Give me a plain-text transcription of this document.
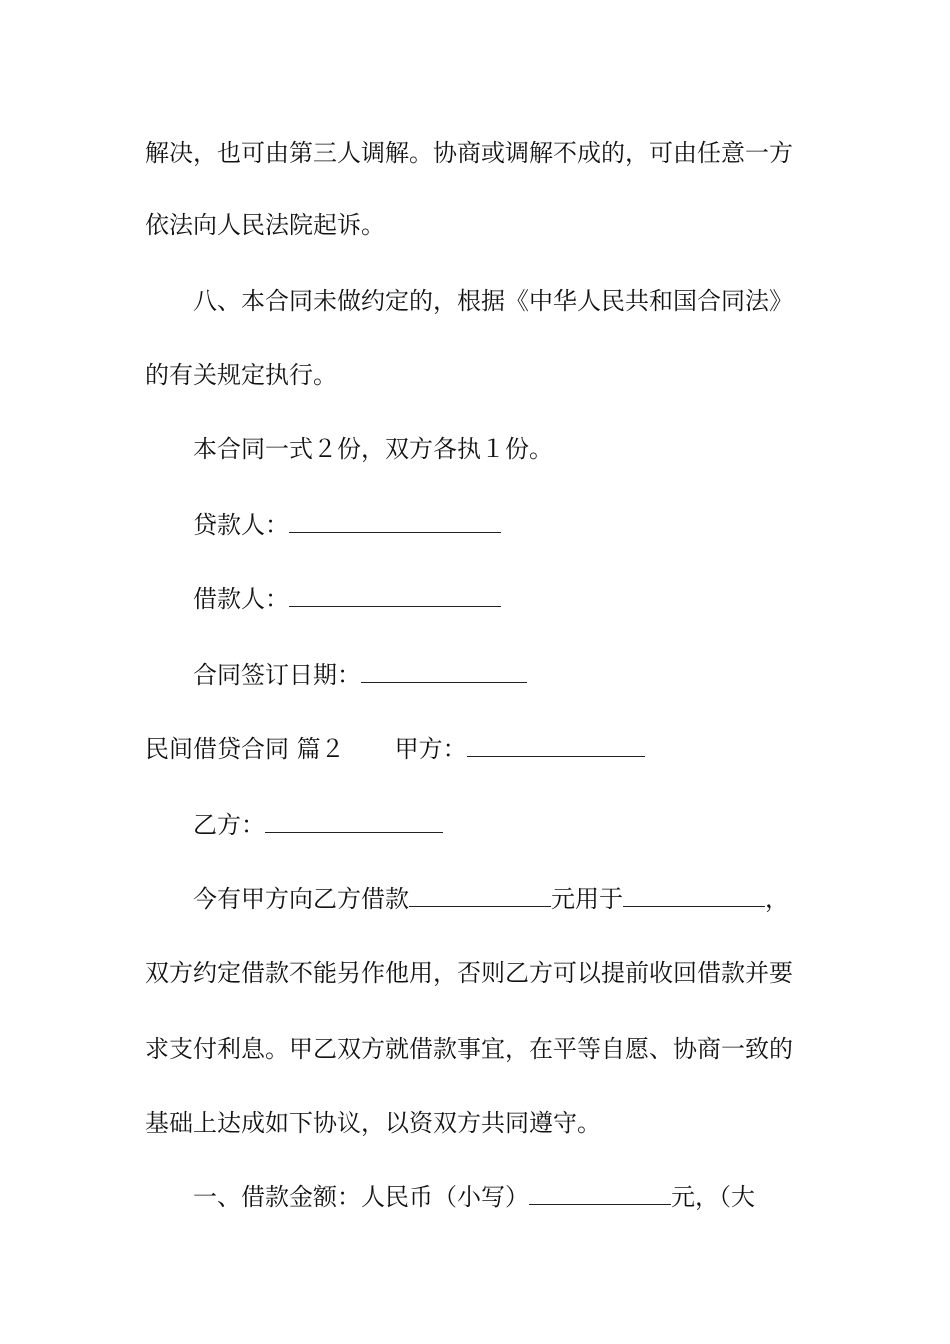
解决，也可由第三人调解。协商或调解不成的，可由任意一方
依法向人民法院起诉。
八、本合同未做约定的，根据《中华人民共和国合同法》
的有关规定执行。
本合同一式２份，双方各执１份。
贷款人：
借款人：
合同签订日期：
民间借贷合同 篇２ 甲方：
乙方：
今有甲方向乙方借款	元用于	，
双方约定借款不能另作他用，否则乙方可以提前收回借款并要
求支付利息。甲乙双方就借款事宜，在平等自愿、协商一致的
基础上达成如下协议，以资双方共同遵守。
一、借款金额：人民币（小写）	元，（大
